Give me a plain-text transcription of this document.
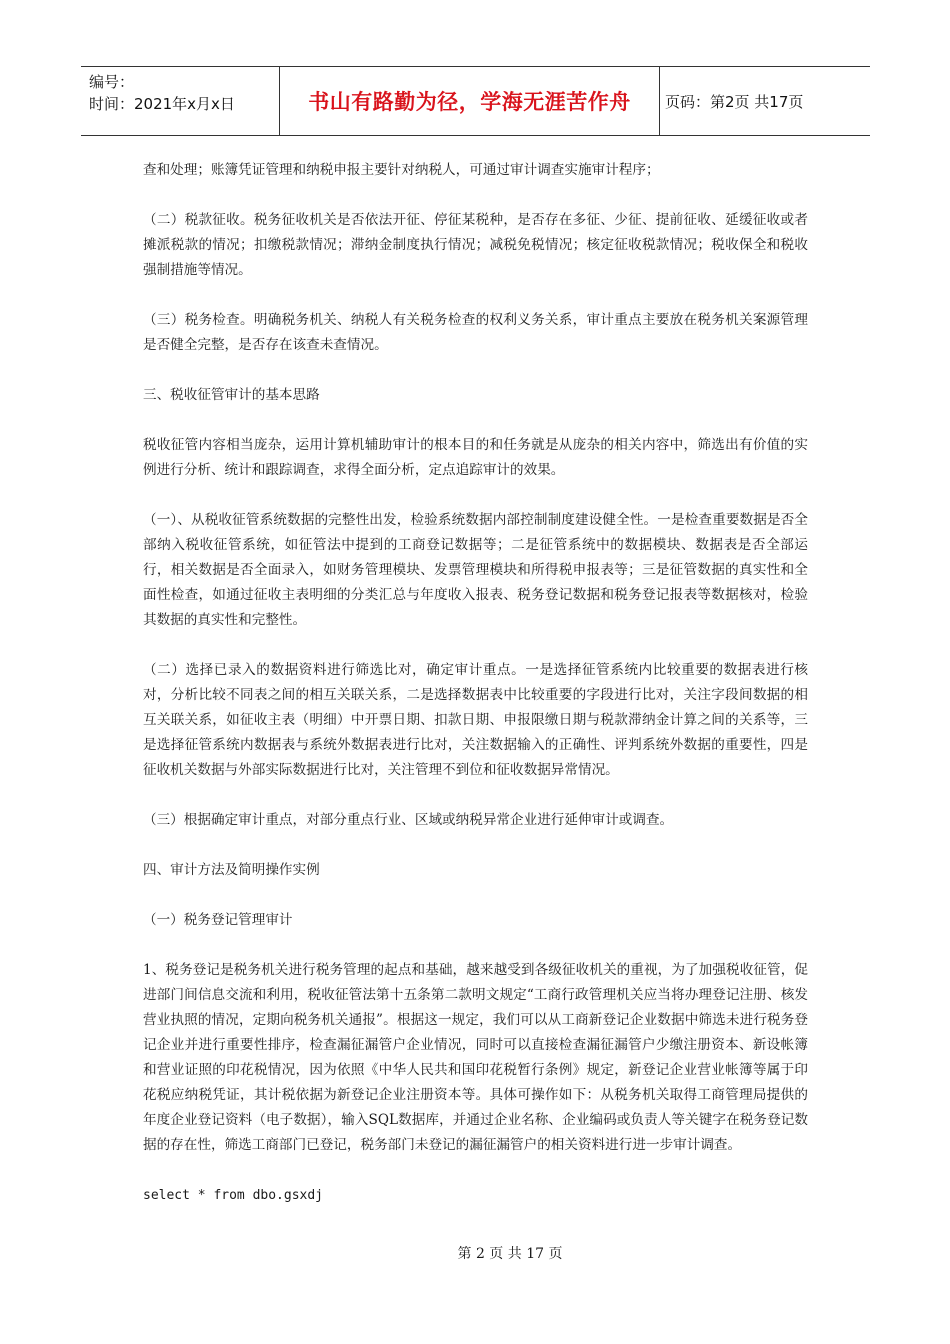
编号：
时间：2021年x月x日	书山有路勤为径，学海无涯苦作舟	页码：第2页 共17页

查和处理；账簿凭证管理和纳税申报主要针对纳税人，可通过审计调查实施审计程序；

（二）税款征收。税务征收机关是否依法开征、停征某税种，是否存在多征、少征、提前征收、延缓征收或者摊派税款的情况；扣缴税款情况；滞纳金制度执行情况；减税免税情况；核定征收税款情况；税收保全和税收强制措施等情况。

（三）税务检查。明确税务机关、纳税人有关税务检查的权利义务关系，审计重点主要放在税务机关案源管理是否健全完整，是否存在该查未查情况。

三、税收征管审计的基本思路

税收征管内容相当庞杂，运用计算机辅助审计的根本目的和任务就是从庞杂的相关内容中，筛选出有价值的实例进行分析、统计和跟踪调查，求得全面分析，定点追踪审计的效果。

（一）、从税收征管系统数据的完整性出发，检验系统数据内部控制制度建设健全性。一是检查重要数据是否全部纳入税收征管系统，如征管法中提到的工商登记数据等；二是征管系统中的数据模块、数据表是否全部运行，相关数据是否全面录入，如财务管理模块、发票管理模块和所得税申报表等；三是征管数据的真实性和全面性检查，如通过征收主表明细的分类汇总与年度收入报表、税务登记数据和税务登记报表等数据核对，检验其数据的真实性和完整性。

（二）选择已录入的数据资料进行筛选比对，确定审计重点。一是选择征管系统内比较重要的数据表进行核对，分析比较不同表之间的相互关联关系，二是选择数据表中比较重要的字段进行比对，关注字段间数据的相互关联关系，如征收主表（明细）中开票日期、扣款日期、申报限缴日期与税款滞纳金计算之间的关系等，三是选择征管系统内数据表与系统外数据表进行比对，关注数据输入的正确性、评判系统外数据的重要性，四是征收机关数据与外部实际数据进行比对，关注管理不到位和征收数据异常情况。

（三）根据确定审计重点，对部分重点行业、区域或纳税异常企业进行延伸审计或调查。

四、审计方法及简明操作实例

（一）税务登记管理审计

1、税务登记是税务机关进行税务管理的起点和基础，越来越受到各级征收机关的重视，为了加强税收征管，促进部门间信息交流和利用，税收征管法第十五条第二款明文规定“工商行政管理机关应当将办理登记注册、核发营业执照的情况，定期向税务机关通报”。根据这一规定，我们可以从工商新登记企业数据中筛选未进行税务登记企业并进行重要性排序，检查漏征漏管户企业情况，同时可以直接检查漏征漏管户少缴注册资本、新设帐簿和营业证照的印花税情况，因为依照《中华人民共和国印花税暂行条例》规定，新登记企业营业帐簿等属于印花税应纳税凭证，其计税依据为新登记企业注册资本等。具体可操作如下：从税务机关取得工商管理局提供的年度企业登记资料（电子数据），输入SQL数据库，并通过企业名称、企业编码或负责人等关键字在税务登记数据的存在性，筛选工商部门已登记，税务部门未登记的漏征漏管户的相关资料进行进一步审计调查。

select * from dbo.gsxdj

第 2 页 共 17 页
